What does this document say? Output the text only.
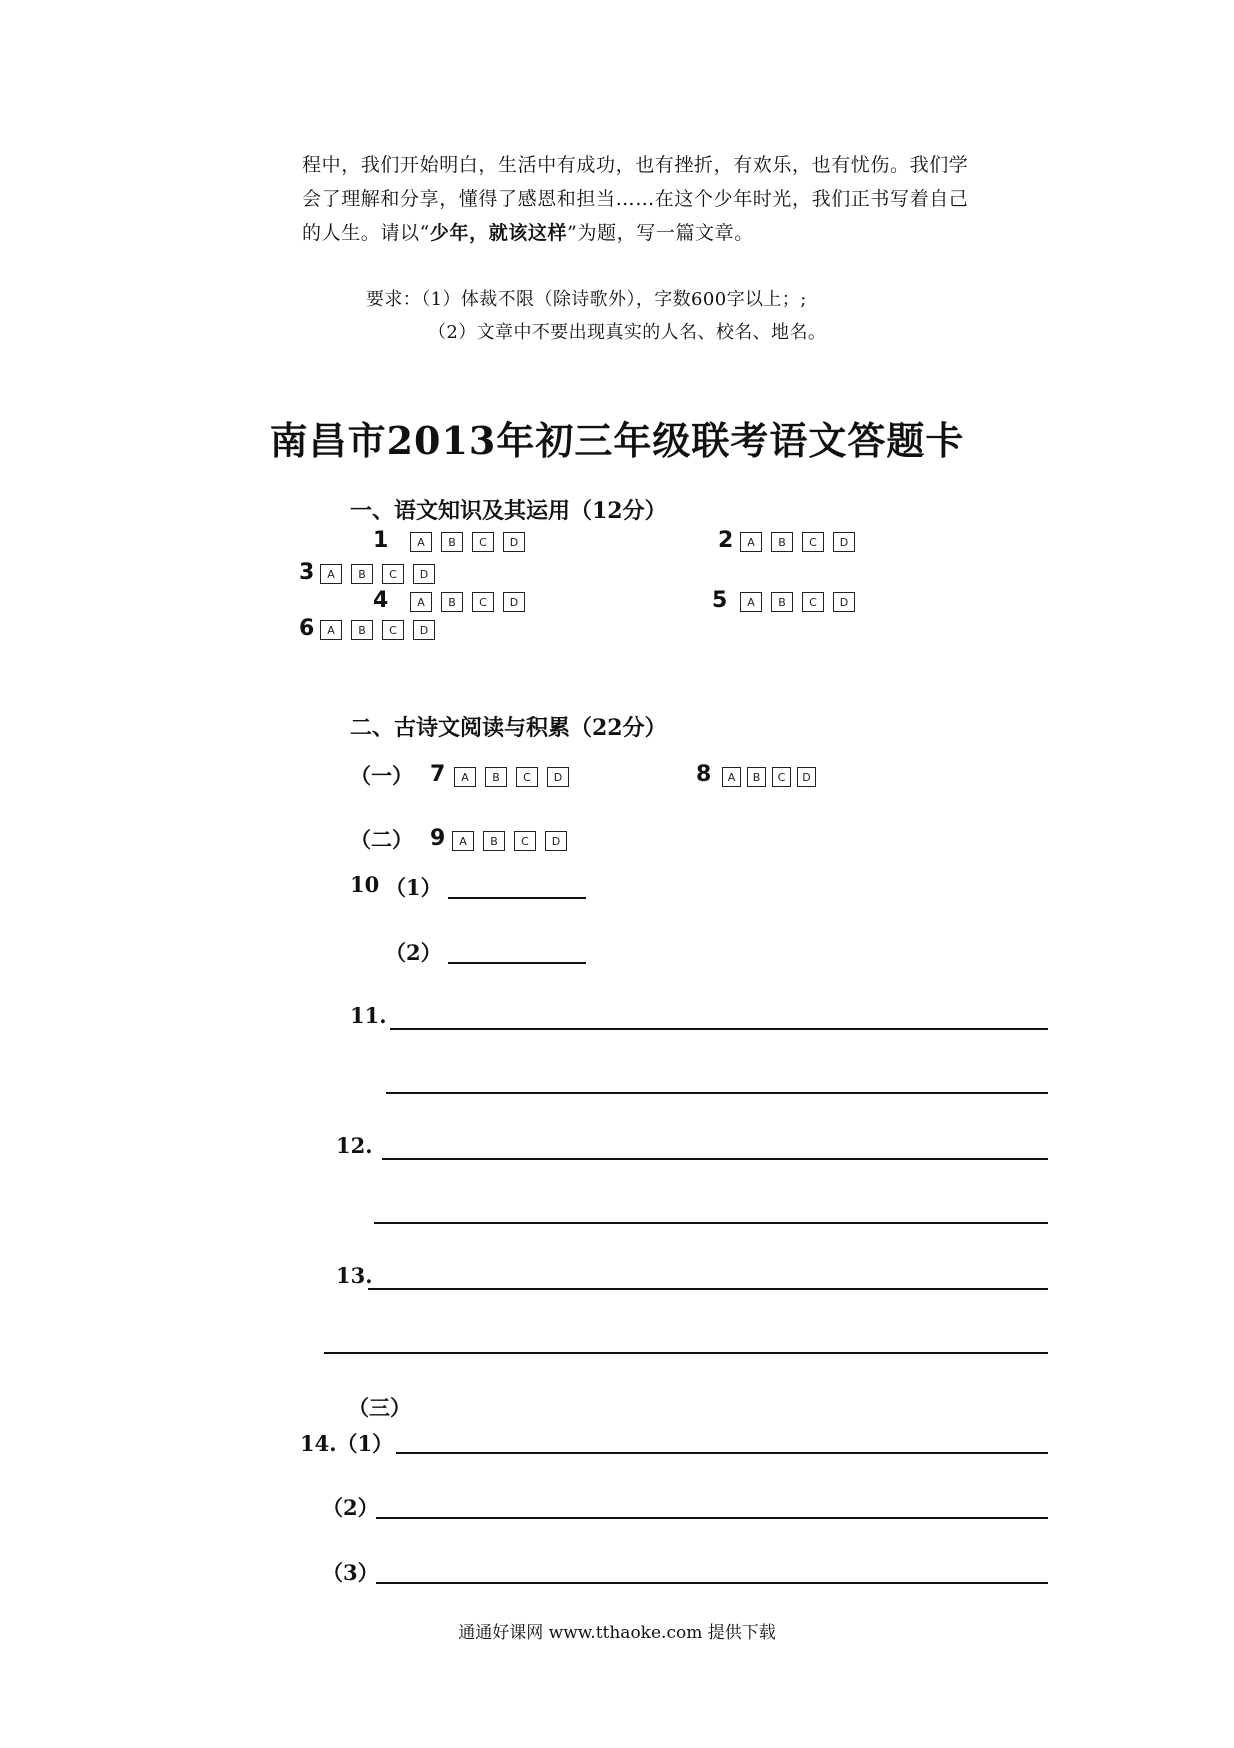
程中，我们开始明白，生活中有成功，也有挫折，有欢乐，也有忧伤。我们学
会了理解和分享，懂得了感恩和担当……在这个少年时光，我们正书写着自己
的人生。请以“少年，就该这样”为题，写一篇文章。
要求：（1）体裁不限（除诗歌外），字数600字以上；;
（2）文章中不要出现真实的人名、校名、地名。
南昌市2013年初三年级联考语文答题卡
一、语文知识及其运用（12分）
1	A	B	C	D	2	A	B	C	D
3	A	B	C	D
4	A	B	C	D	5	A	B	C	D
6	A	B	C	D
二、古诗文阅读与积累（22分）
（一） 7	A	B	C	D	8	A	B	C	D
（二） 9	A	B	C	D
10 （1）
（2）
11.
12.
13.
（三）
14.（1）
（2）
（3）
通通好课网 www.tthaoke.com 提供下载
